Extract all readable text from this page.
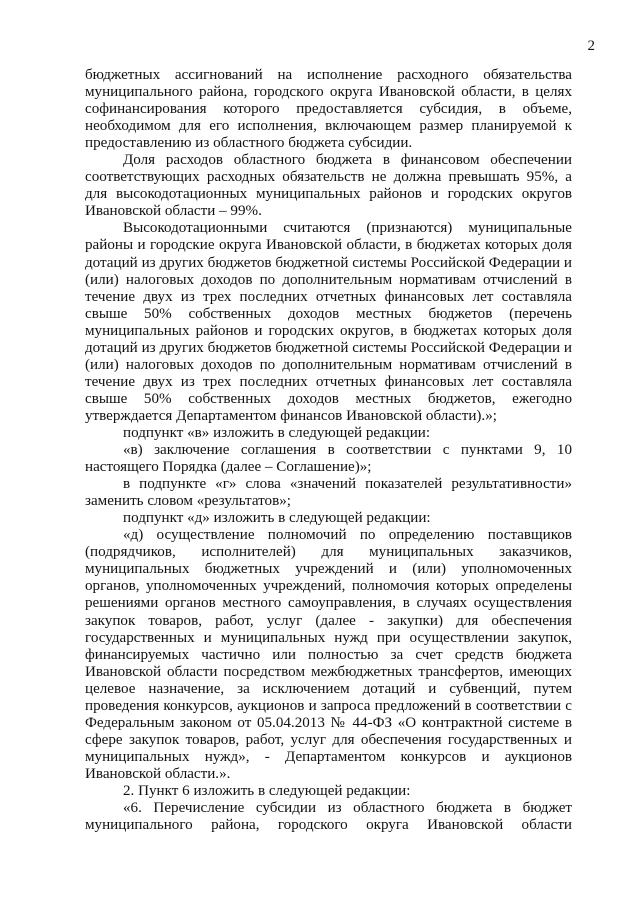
2

бюджетных ассигнований на исполнение расходного обязательства муниципального района, городского округа Ивановской области, в целях софинансирования которого предоставляется субсидия, в объеме, необходимом для его исполнения, включающем размер планируемой к предоставлению из областного бюджета субсидии.

Доля расходов областного бюджета в финансовом обеспечении соответствующих расходных обязательств не должна превышать 95%, а для высокодотационных муниципальных районов и городских округов Ивановской области – 99%.

Высокодотационными считаются (признаются) муниципальные районы и городские округа Ивановской области, в бюджетах которых доля дотаций из других бюджетов бюджетной системы Российской Федерации и (или) налоговых доходов по дополнительным нормативам отчислений в течение двух из трех последних отчетных финансовых лет составляла свыше 50% собственных доходов местных бюджетов (перечень муниципальных районов и городских округов, в бюджетах которых доля дотаций из других бюджетов бюджетной системы Российской Федерации и (или) налоговых доходов по дополнительным нормативам отчислений в течение двух из трех последних отчетных финансовых лет составляла свыше 50% собственных доходов местных бюджетов, ежегодно утверждается Департаментом финансов Ивановской области).»;

подпункт «в» изложить в следующей редакции:

«в) заключение соглашения в соответствии с пунктами 9, 10 настоящего Порядка (далее – Соглашение)»;

в подпункте «г» слова «значений показателей результативности» заменить словом «результатов»;

подпункт «д» изложить в следующей редакции:

«д) осуществление полномочий по определению поставщиков (подрядчиков, исполнителей) для муниципальных заказчиков, муниципальных бюджетных учреждений и (или) уполномоченных органов, уполномоченных учреждений, полномочия которых определены решениями органов местного самоуправления, в случаях осуществления закупок товаров, работ, услуг (далее - закупки) для обеспечения государственных и муниципальных нужд при осуществлении закупок, финансируемых частично или полностью за счет средств бюджета Ивановской области посредством межбюджетных трансфертов, имеющих целевое назначение, за исключением дотаций и субвенций, путем проведения конкурсов, аукционов и запроса предложений в соответствии с Федеральным законом от 05.04.2013 № 44-ФЗ «О контрактной системе в сфере закупок товаров, работ, услуг для обеспечения государственных и муниципальных нужд», - Департаментом конкурсов и аукционов Ивановской области.».

2. Пункт 6 изложить в следующей редакции:

«6. Перечисление субсидии из областного бюджета в бюджет муниципального района, городского округа Ивановской области
